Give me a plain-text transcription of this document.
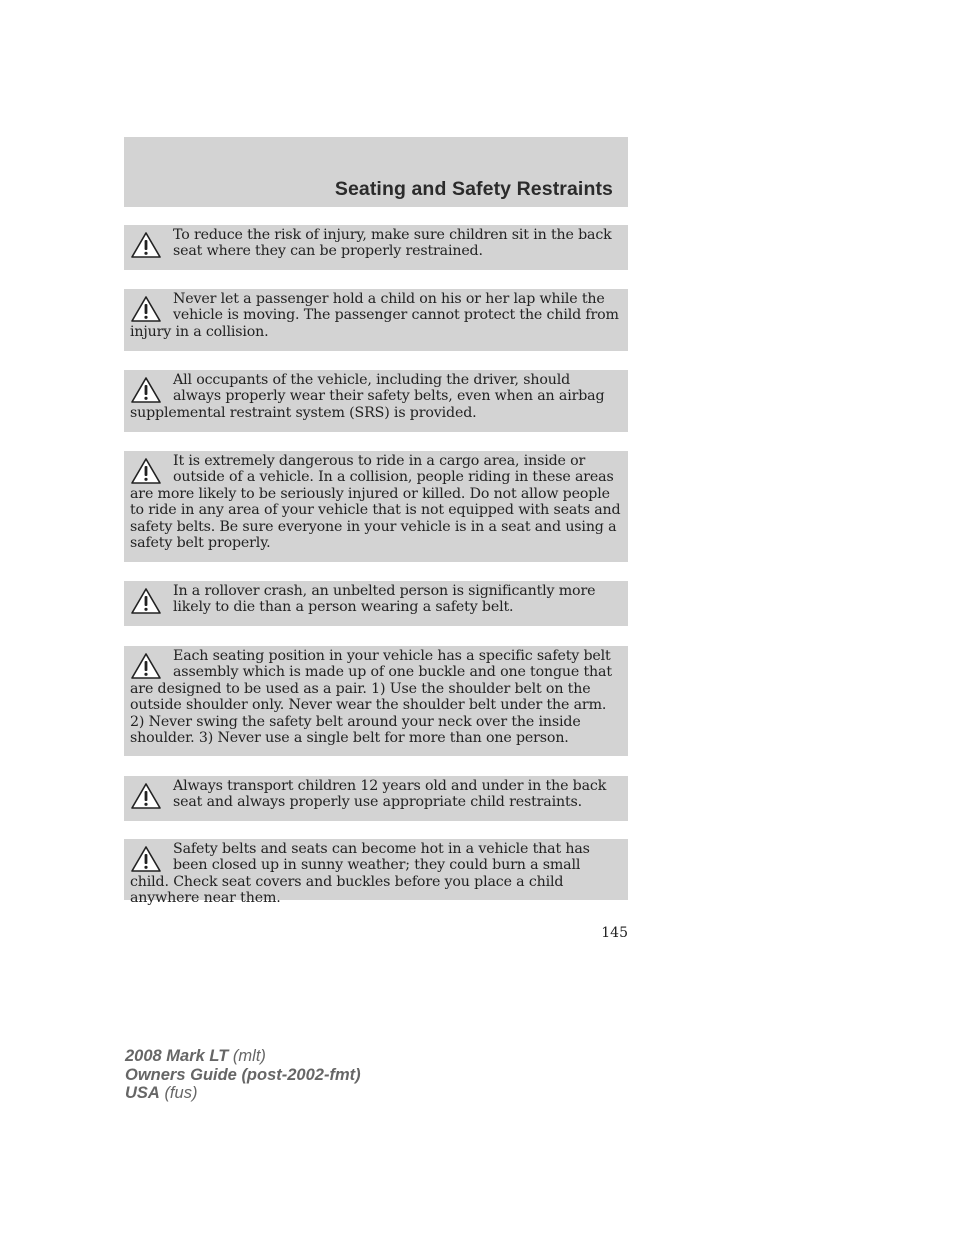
Seating and Safety Restraints
To reduce the risk of injury, make sure children sit in the back seat where they can be properly restrained.
Never let a passenger hold a child on his or her lap while the vehicle is moving. The passenger cannot protect the child from injury in a collision.
All occupants of the vehicle, including the driver, should always properly wear their safety belts, even when an airbag supplemental restraint system (SRS) is provided.
It is extremely dangerous to ride in a cargo area, inside or outside of a vehicle. In a collision, people riding in these areas are more likely to be seriously injured or killed. Do not allow people to ride in any area of your vehicle that is not equipped with seats and safety belts. Be sure everyone in your vehicle is in a seat and using a safety belt properly.
In a rollover crash, an unbelted person is significantly more likely to die than a person wearing a safety belt.
Each seating position in your vehicle has a specific safety belt assembly which is made up of one buckle and one tongue that are designed to be used as a pair. 1) Use the shoulder belt on the outside shoulder only. Never wear the shoulder belt under the arm. 2) Never swing the safety belt around your neck over the inside shoulder. 3) Never use a single belt for more than one person.
Always transport children 12 years old and under in the back seat and always properly use appropriate child restraints.
Safety belts and seats can become hot in a vehicle that has been closed up in sunny weather; they could burn a small child. Check seat covers and buckles before you place a child anywhere near them.
145
2008 Mark LT (mlt)
Owners Guide (post-2002-fmt)
USA (fus)
